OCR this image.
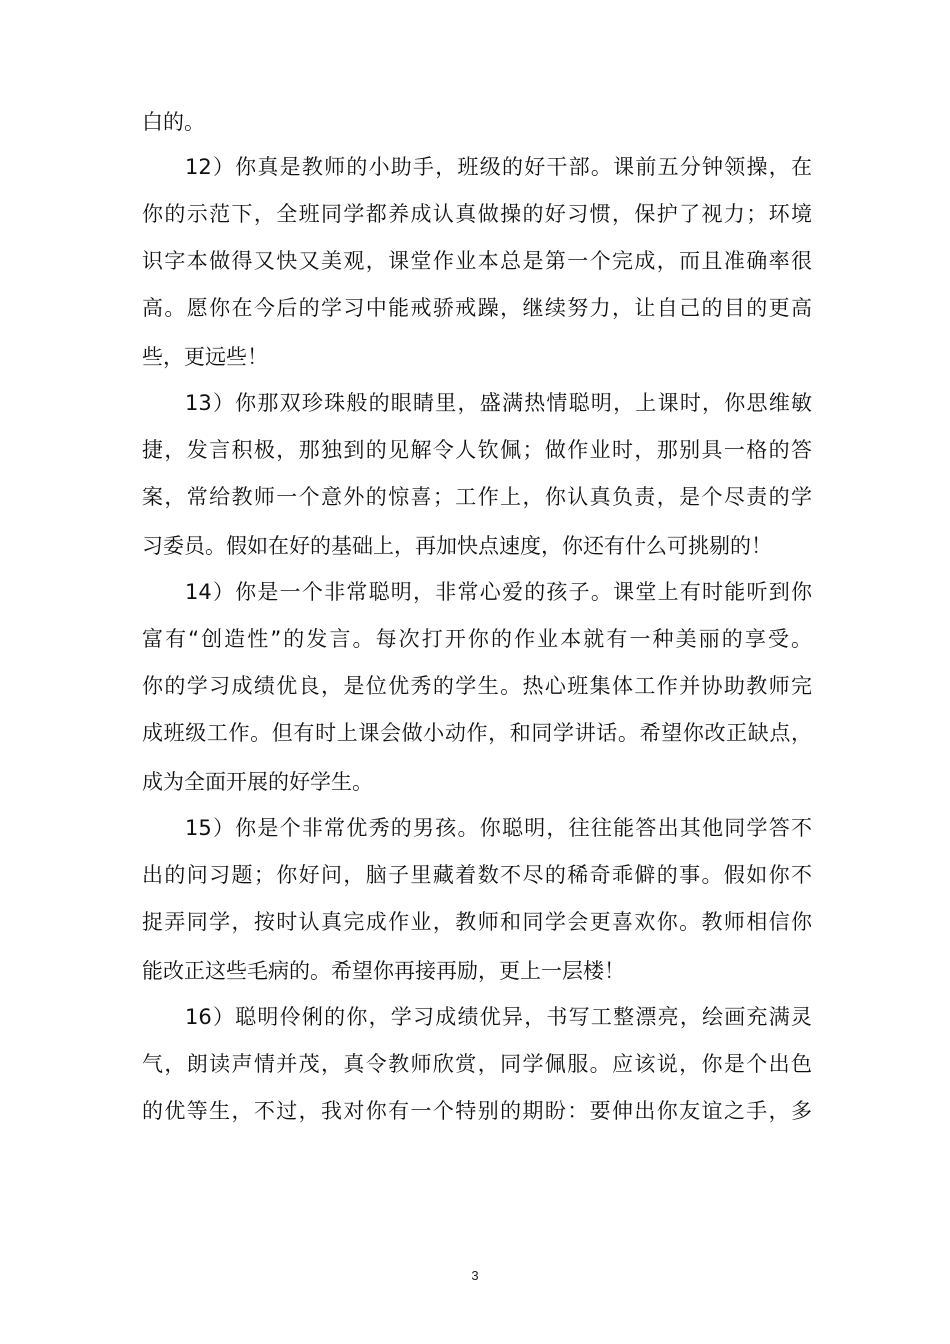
白的。
12）你真是教师的小助手，班级的好干部。课前五分钟领操，在
你的示范下，全班同学都养成认真做操的好习惯，保护了视力；环境
识字本做得又快又美观，课堂作业本总是第一个完成，而且准确率很
高。愿你在今后的学习中能戒骄戒躁，继续努力，让自己的目的更高
些，更远些！
13）你那双珍珠般的眼睛里，盛满热情聪明，上课时，你思维敏
捷，发言积极，那独到的见解令人钦佩；做作业时，那别具一格的答
案，常给教师一个意外的惊喜；工作上，你认真负责，是个尽责的学
习委员。假如在好的基础上，再加快点速度，你还有什么可挑剔的！
14）你是一个非常聪明，非常心爱的孩子。课堂上有时能听到你
富有“创造性”的发言。每次打开你的作业本就有一种美丽的享受。
你的学习成绩优良，是位优秀的学生。热心班集体工作并协助教师完
成班级工作。但有时上课会做小动作，和同学讲话。希望你改正缺点，
成为全面开展的好学生。
15）你是个非常优秀的男孩。你聪明，往往能答出其他同学答不
出的问习题；你好问，脑子里藏着数不尽的稀奇乖僻的事。假如你不
捉弄同学，按时认真完成作业，教师和同学会更喜欢你。教师相信你
能改正这些毛病的。希望你再接再励，更上一层楼！
16）聪明伶俐的你，学习成绩优异，书写工整漂亮，绘画充满灵
气，朗读声情并茂，真令教师欣赏，同学佩服。应该说，你是个出色
的优等生，不过，我对你有一个特别的期盼：要伸出你友谊之手，多
3
